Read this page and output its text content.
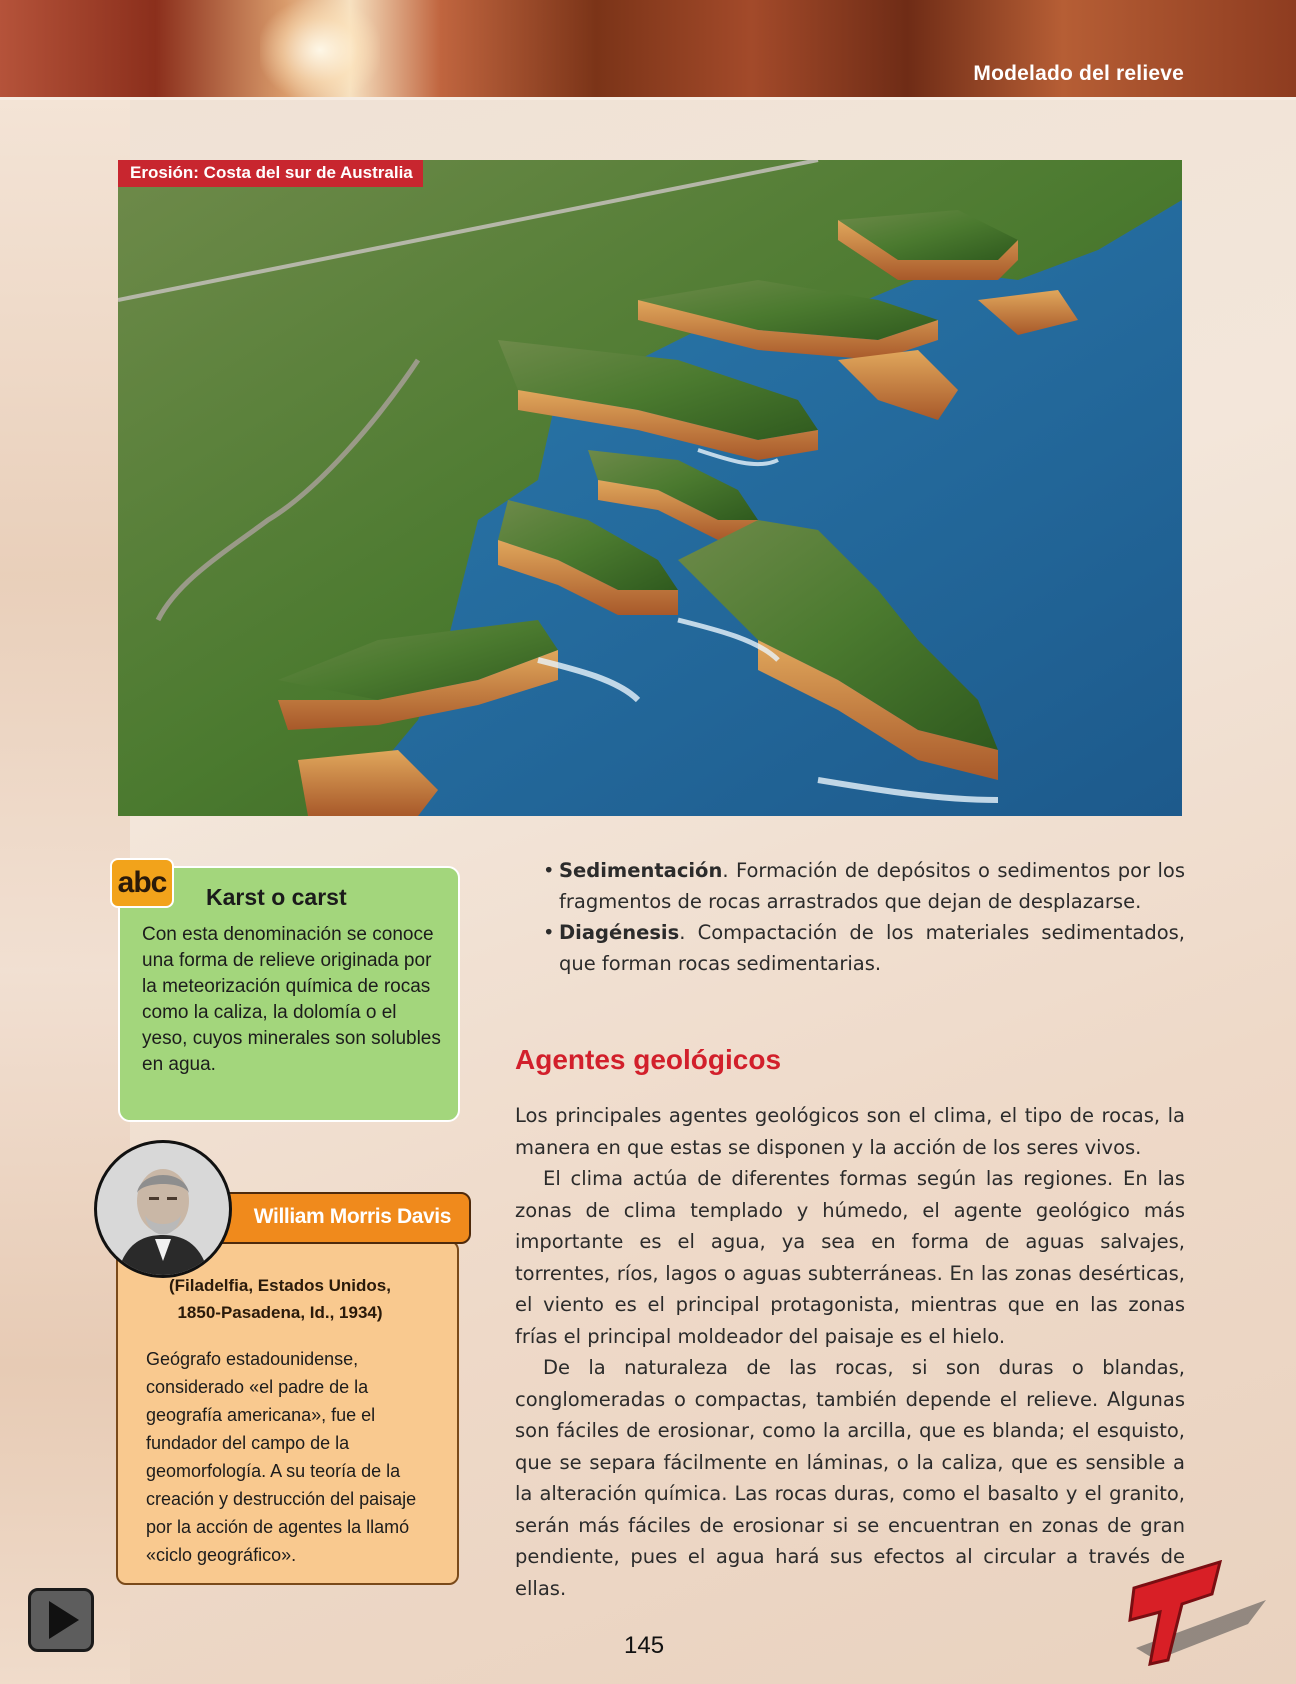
Modelado del relieve
Erosión: Costa del sur de Australia
abc Karst o carst
Con esta denominación se conoce una forma de relieve originada por la meteorización química de rocas como la caliza, la dolomía o el yeso, cuyos minerales son solubles en agua.
William Morris Davis
(Filadelfia, Estados Unidos,
1850-Pasadena, Id., 1934)
Geógrafo estadounidense, considerado «el padre de la geografía americana», fue el fundador del campo de la geomorfología. A su teoría de la creación y destrucción del paisaje por la acción de agentes la llamó «ciclo geográfico».

• Sedimentación. Formación de depósitos o sedimentos por los fragmentos de rocas arrastrados que dejan de desplazarse.

• Diagénesis. Compactación de los materiales sedimentados, que forman rocas sedimentarias.

Agentes geológicos

Los principales agentes geológicos son el clima, el tipo de rocas, la manera en que estas se disponen y la acción de los seres vivos.

El clima actúa de diferentes formas según las regiones. En las zonas de clima templado y húmedo, el agente geológico más importante es el agua, ya sea en forma de aguas salvajes, torrentes, ríos, lagos o aguas subterráneas. En las zonas desérticas, el viento es el principal protagonista, mientras que en las zonas frías el principal moldeador del paisaje es el hielo.

De la naturaleza de las rocas, si son duras o blandas, conglomeradas o compactas, también depende el relieve. Algunas son fáciles de erosionar, como la arcilla, que es blanda; el esquisto, que se separa fácilmente en láminas, o la caliza, que es sensible a la alteración química. Las rocas duras, como el basalto y el granito, serán más fáciles de erosionar si se encuentran en zonas de gran pendiente, pues el agua hará sus efectos al circular a través de ellas.

145
